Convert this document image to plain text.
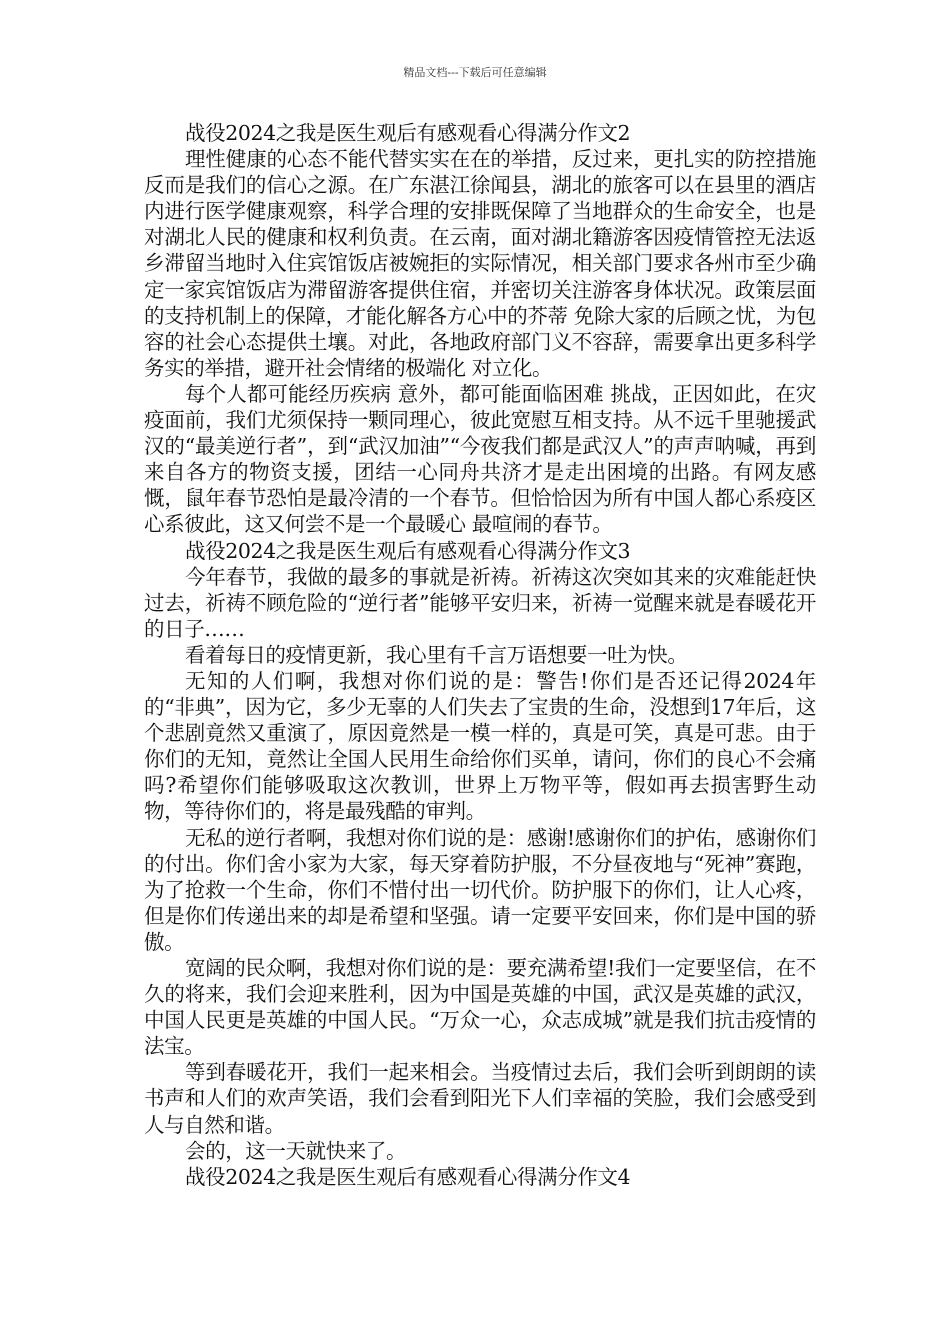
精品文档---下载后可任意编辑

战役2024之我是医生观后有感观看心得满分作文2

理性健康的心态不能代替实实在在的举措，反过来，更扎实的防控措施反而是我们的信心之源。在广东湛江徐闻县，湖北的旅客可以在县里的酒店内进行医学健康观察，科学合理的安排既保障了当地群众的生命安全，也是对湖北人民的健康和权利负责。在云南，面对湖北籍游客因疫情管控无法返乡滞留当地时入住宾馆饭店被婉拒的实际情况，相关部门要求各州市至少确定一家宾馆饭店为滞留游客提供住宿，并密切关注游客身体状况。政策层面的支持机制上的保障，才能化解各方心中的芥蒂 免除大家的后顾之忧，为包容的社会心态提供土壤。对此，各地政府部门义不容辞，需要拿出更多科学务实的举措，避开社会情绪的极端化 对立化。

每个人都可能经历疾病 意外，都可能面临困难 挑战，正因如此，在灾疫面前，我们尤须保持一颗同理心，彼此宽慰互相支持。从不远千里驰援武汉的“最美逆行者”，到“武汉加油”“今夜我们都是武汉人”的声声呐喊，再到来自各方的物资支援，团结一心同舟共济才是走出困境的出路。有网友感慨，鼠年春节恐怕是最冷清的一个春节。但恰恰因为所有中国人都心系疫区 心系彼此，这又何尝不是一个最暖心 最喧闹的春节。

战役2024之我是医生观后有感观看心得满分作文3

今年春节，我做的最多的事就是祈祷。祈祷这次突如其来的灾难能赶快过去，祈祷不顾危险的“逆行者”能够平安归来，祈祷一觉醒来就是春暖花开的日子……

看着每日的疫情更新，我心里有千言万语想要一吐为快。

无知的人们啊，我想对你们说的是：警告!你们是否还记得2024年的“非典”，因为它，多少无辜的人们失去了宝贵的生命，没想到17年后，这个悲剧竟然又重演了，原因竟然是一模一样的，真是可笑，真是可悲。由于你们的无知，竟然让全国人民用生命给你们买单，请问，你们的良心不会痛吗?希望你们能够吸取这次教训，世界上万物平等，假如再去损害野生动物，等待你们的，将是最残酷的审判。

无私的逆行者啊，我想对你们说的是：感谢!感谢你们的护佑，感谢你们的付出。你们舍小家为大家，每天穿着防护服，不分昼夜地与“死神”赛跑，为了抢救一个生命，你们不惜付出一切代价。防护服下的你们，让人心疼，但是你们传递出来的却是希望和坚强。请一定要平安回来，你们是中国的骄傲。

宽阔的民众啊，我想对你们说的是：要充满希望!我们一定要坚信，在不久的将来，我们会迎来胜利，因为中国是英雄的中国，武汉是英雄的武汉，中国人民更是英雄的中国人民。“万众一心，众志成城”就是我们抗击疫情的法宝。

等到春暖花开，我们一起来相会。当疫情过去后，我们会听到朗朗的读书声和人们的欢声笑语，我们会看到阳光下人们幸福的笑脸，我们会感受到人与自然和谐。

会的，这一天就快来了。

战役2024之我是医生观后有感观看心得满分作文4
